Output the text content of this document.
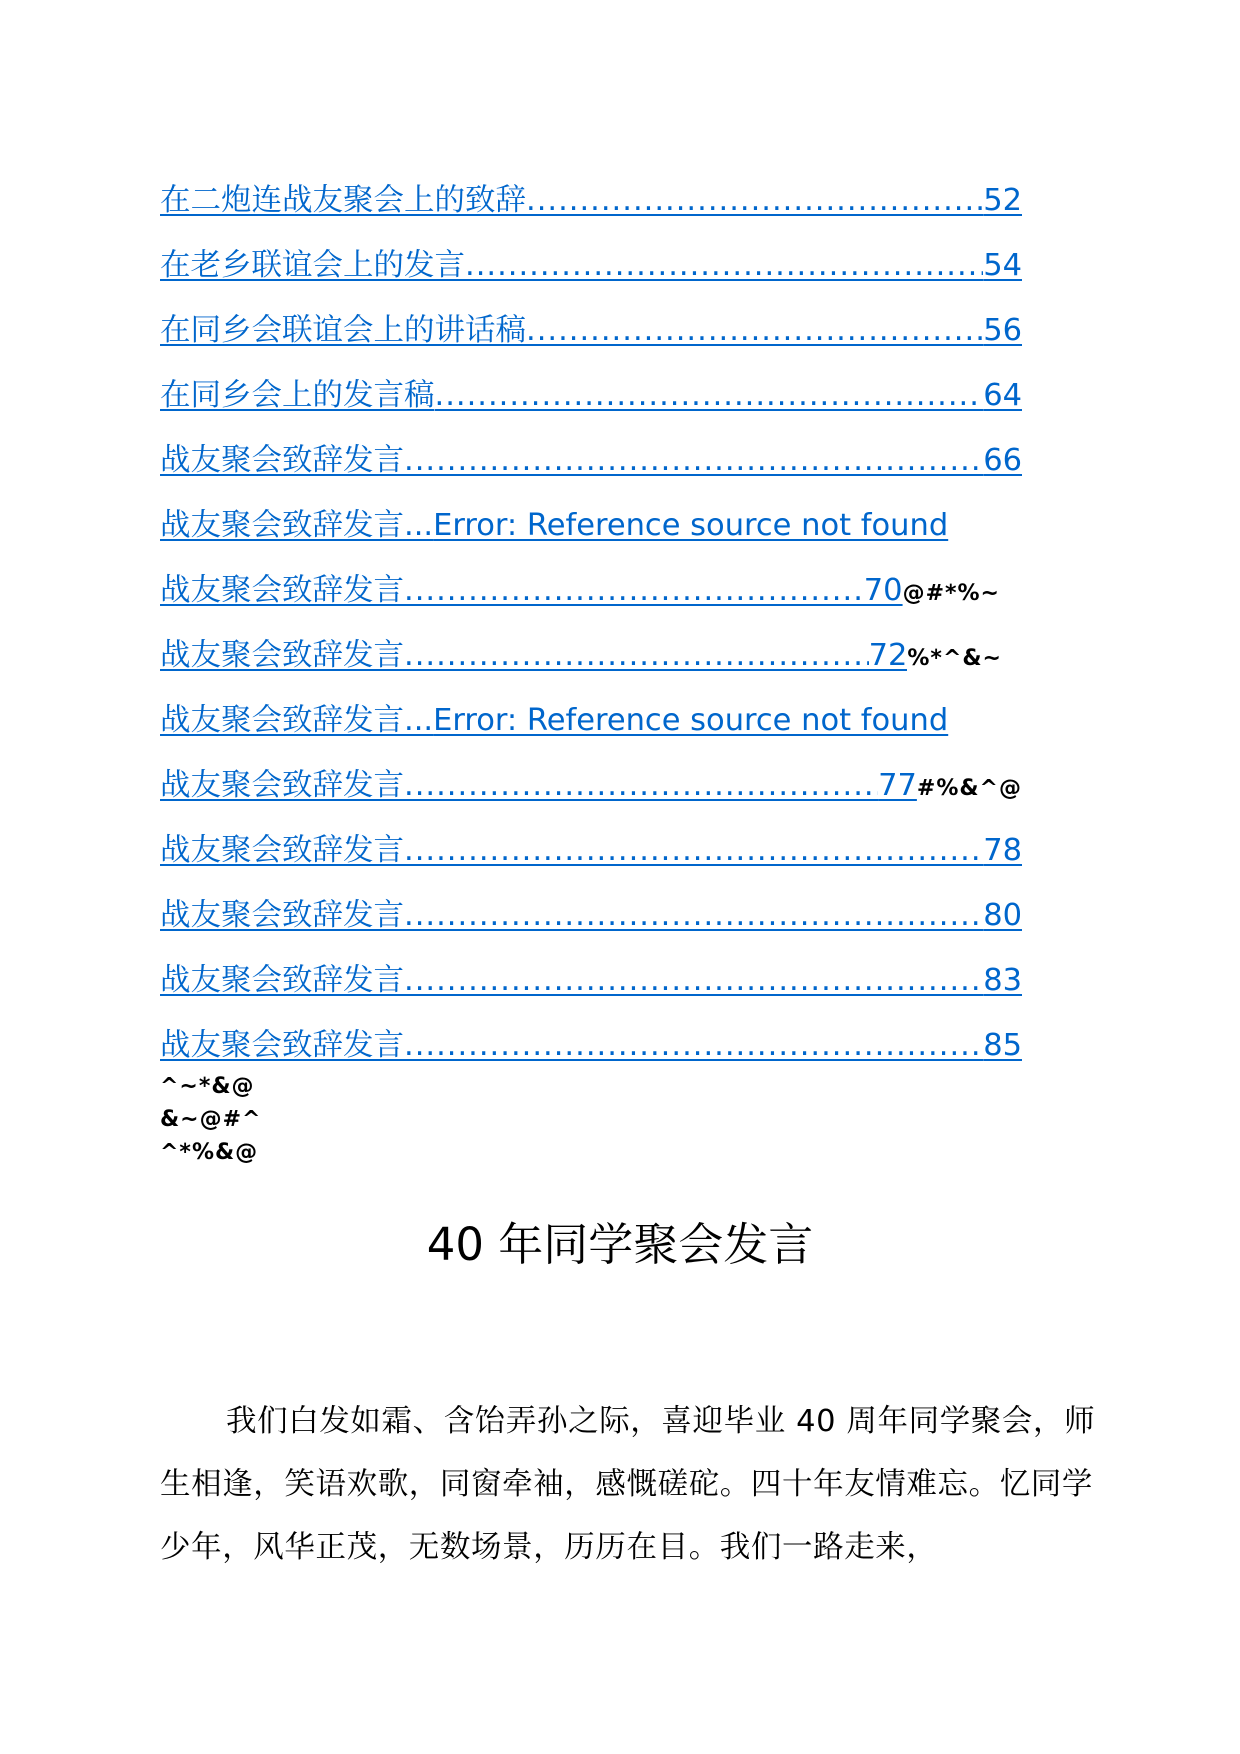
在二炮连战友聚会上的致辞 .....	52
在老乡联谊会上的发言 .....	54
在同乡会联谊会上的讲话稿 .....	56
在同乡会上的发言稿 .....	64
战友聚会致辞发言 .....	66
战友聚会致辞发言 ... Error: Reference source not found
战友聚会致辞发言 .....	70 @#*%~
战友聚会致辞发言 .....	72 %*^&~
战友聚会致辞发言 ... Error: Reference source not found
战友聚会致辞发言 .....	77 #%&^@
战友聚会致辞发言 .....	78
战友聚会致辞发言 .....	80
战友聚会致辞发言 .....	83
战友聚会致辞发言 .....	85
^~*&@
&~@#^
^*%&@
40 年同学聚会发言

我们白发如霜、含饴弄孙之际，喜迎毕业 40 周年同学聚会，师生相逢，笑语欢歌，同窗牵袖，感慨磋砣。四十年友情难忘。忆同学少年，风华正茂，无数场景，历历在目。我们一路走来，
